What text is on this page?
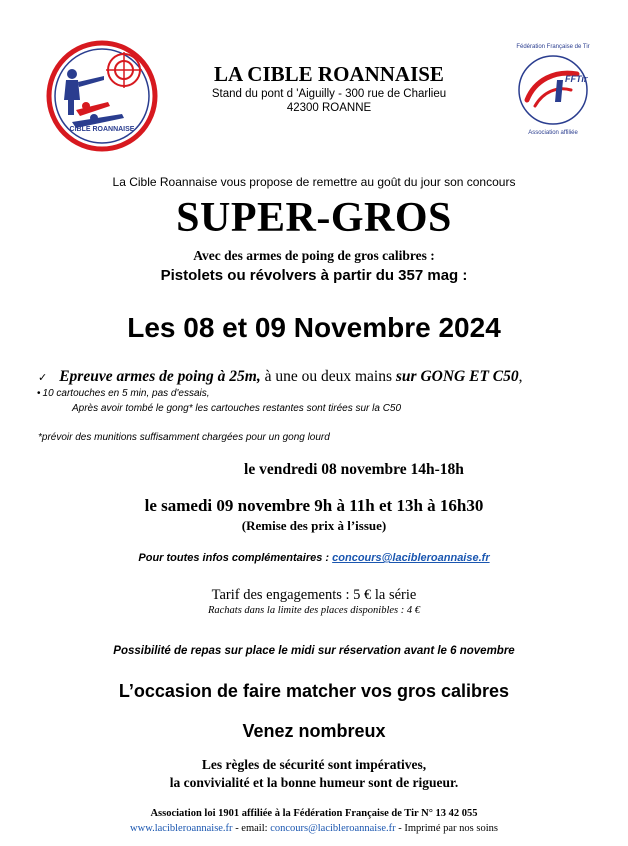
CIBLE ROANNAISE
LA CIBLE ROANNAISE
Stand du pont d 'Aiguilly - 300 rue de Charlieu
42300 ROANNE
FFTir
Fédération Française de Tir
Association affiliée
La Cible Roannaise vous propose de remettre au goût du jour son concours
SUPER-GROS
Avec des armes de poing de gros calibres :
Pistolets ou révolvers à partir du 357 mag :
Les 08 et 09 Novembre 2024
✓ Epreuve armes de poing à 25m, à une ou deux mains sur GONG ET C50,
• 10 cartouches en 5 min, pas d'essais,
Après avoir tombé le gong* les cartouches restantes sont tirées sur la C50
*prévoir des munitions suffisamment chargées pour un gong lourd
le vendredi 08 novembre 14h-18h
le samedi 09 novembre 9h à 11h et 13h à 16h30
(Remise des prix à l’issue)
Pour toutes infos complémentaires : concours@lacibleroannaise.fr
Tarif des engagements : 5 € la série
Rachats dans la limite des places disponibles : 4 €
Possibilité de repas sur place le midi sur réservation avant le 6 novembre
L’occasion de faire matcher vos gros calibres
Venez nombreux
Les règles de sécurité sont impératives,
la convivialité et la bonne humeur sont de rigueur.
Association loi 1901 affiliée à la Fédération Française de Tir N° 13 42 055
www.lacibleroannaise.fr - email: concours@lacibleroannaise.fr - Imprimé par nos soins
